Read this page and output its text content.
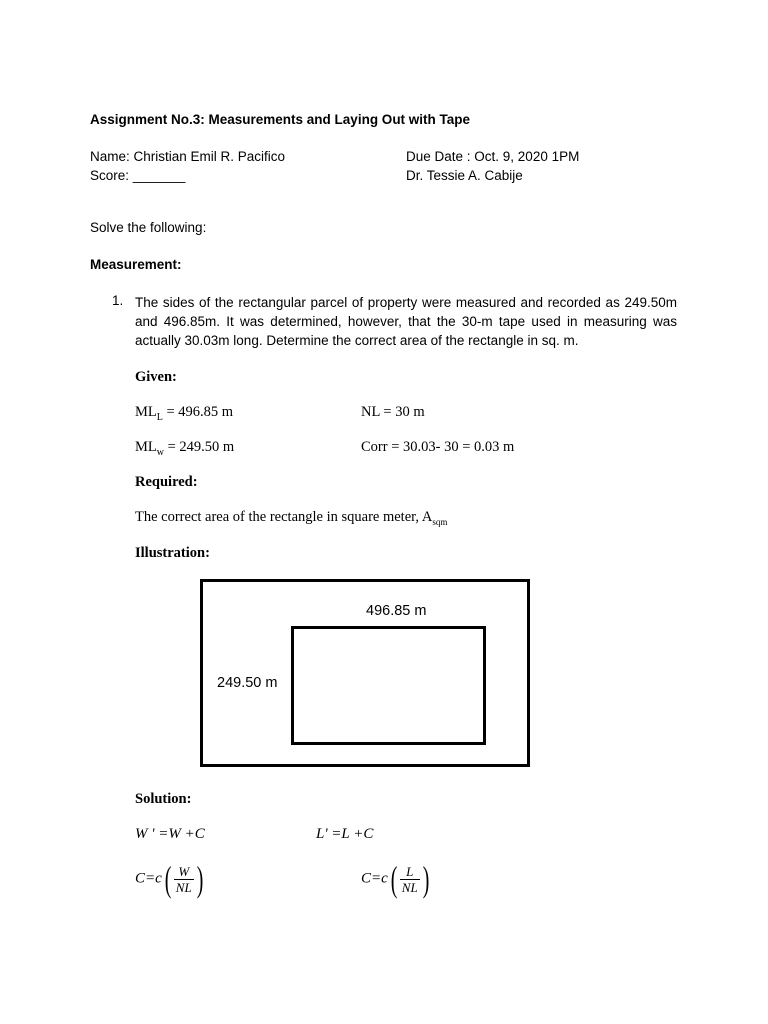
Assignment No.3: Measurements and Laying Out with Tape
Name: Christian Emil R. Pacifico	Due Date : Oct. 9, 2020 1PM
Score: _______	Dr. Tessie A. Cabije
Solve the following:
Measurement:
1. The sides of the rectangular parcel of property were measured and recorded as 249.50m and 496.85m. It was determined, however, that the 30-m tape used in measuring was actually 30.03m long. Determine the correct area of the rectangle in sq. m.
Given:
$ML_L = 496.85$ m	NL = 30 m
$ML_w = 249.50$ m	Corr = 30.03- 30 = 0.03 m
Required:
The correct area of the rectangle in square meter, $A_{sqm}$
Illustration:
496.85 m
249.50 m
Solution:
W ' =W +C	L' =L +C
$C=c( \frac{W}{NL}$ )	$C=c( \frac{L}{NL}$ )
